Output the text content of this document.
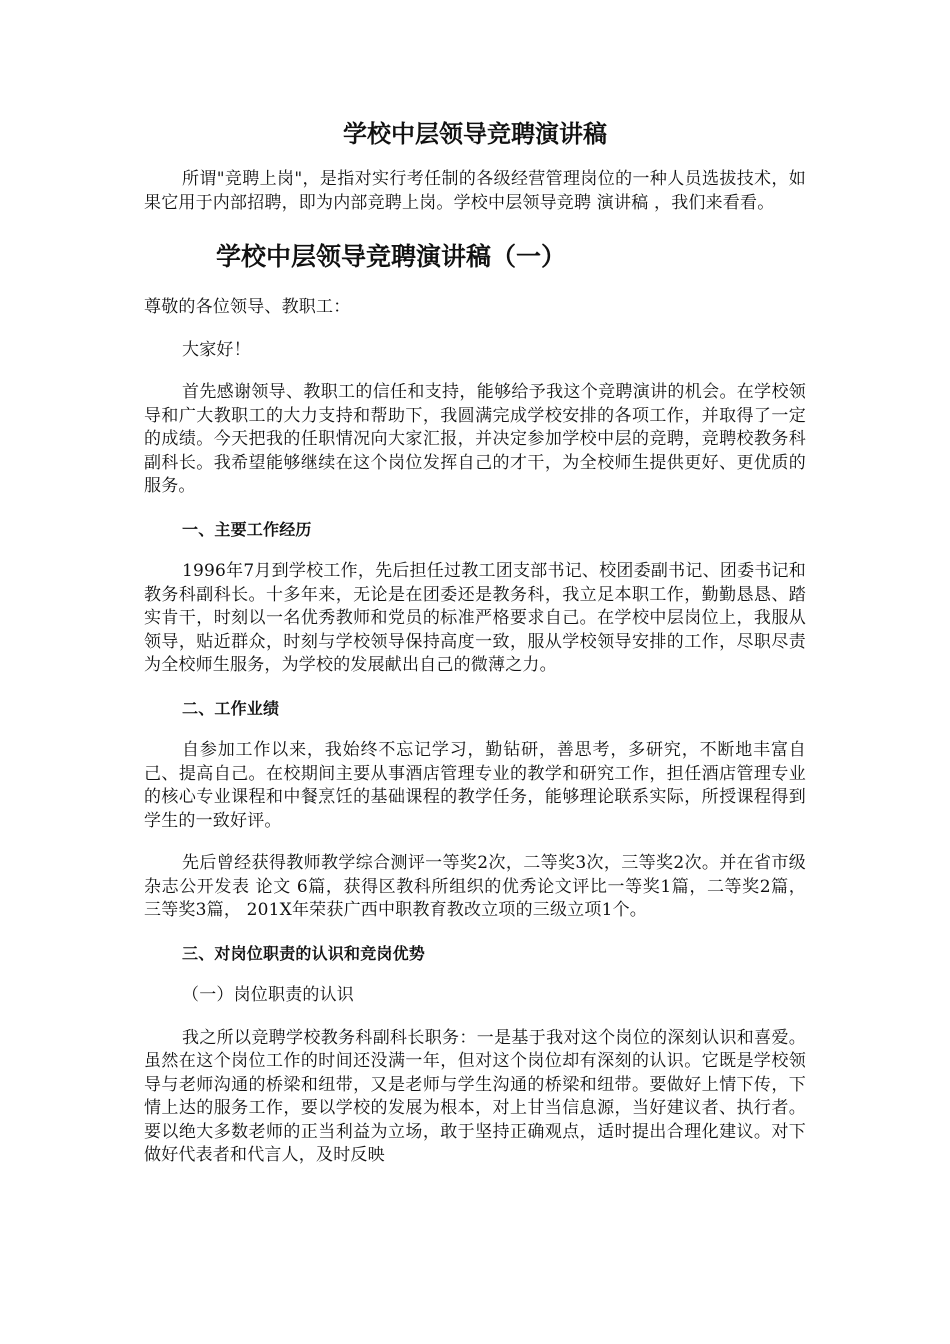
学校中层领导竞聘演讲稿

所谓"竞聘上岗"，是指对实行考任制的各级经营管理岗位的一种人员选拔技术，如果它用于内部招聘，即为内部竞聘上岗。学校中层领导竞聘 演讲稿 ，我们来看看。

学校中层领导竞聘演讲稿（一）

尊敬的各位领导、教职工：

大家好！

首先感谢领导、教职工的信任和支持，能够给予我这个竞聘演讲的机会。在学校领导和广大教职工的大力支持和帮助下，我圆满完成学校安排的各项工作，并取得了一定的成绩。今天把我的任职情况向大家汇报，并决定参加学校中层的竞聘，竞聘校教务科副科长。我希望能够继续在这个岗位发挥自己的才干，为全校师生提供更好、更优质的服务。

一、主要工作经历

1996年7月到学校工作，先后担任过教工团支部书记、校团委副书记、团委书记和教务科副科长。十多年来，无论是在团委还是教务科，我立足本职工作，勤勤恳恳、踏实肯干，时刻以一名优秀教师和党员的标准严格要求自己。在学校中层岗位上，我服从领导，贴近群众，时刻与学校领导保持高度一致，服从学校领导安排的工作，尽职尽责为全校师生服务，为学校的发展献出自己的微薄之力。

二、工作业绩

自参加工作以来，我始终不忘记学习，勤钻研，善思考，多研究，不断地丰富自己、提高自己。在校期间主要从事酒店管理专业的教学和研究工作，担任酒店管理专业的核心专业课程和中餐烹饪的基础课程的教学任务，能够理论联系实际，所授课程得到学生的一致好评。

先后曾经获得教师教学综合测评一等奖2次，二等奖3次，三等奖2次。并在省市级杂志公开发表 论文 6篇，获得区教科所组织的优秀论文评比一等奖1篇，二等奖2篇，三等奖3篇， 201X年荣获广西中职教育教改立项的三级立项1个。

三、对岗位职责的认识和竞岗优势

（一）岗位职责的认识

我之所以竞聘学校教务科副科长职务：一是基于我对这个岗位的深刻认识和喜爱。虽然在这个岗位工作的时间还没满一年，但对这个岗位却有深刻的认识。它既是学校领导与老师沟通的桥梁和纽带，又是老师与学生沟通的桥梁和纽带。要做好上情下传，下情上达的服务工作，要以学校的发展为根本，对上甘当信息源，当好建议者、执行者。要以绝大多数老师的正当利益为立场，敢于坚持正确观点，适时提出合理化建议。对下做好代表者和代言人，及时反映
